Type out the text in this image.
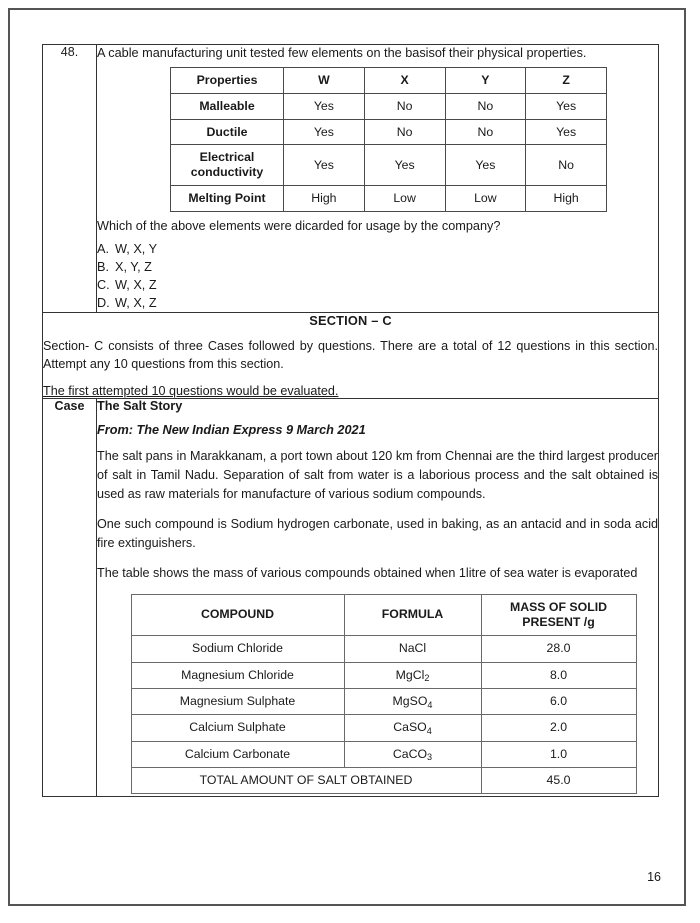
48.	A cable manufacturing unit tested few elements on the basisof their physical properties.

Properties	W	X	Y	Z
Malleable	Yes	No	No	Yes
Ductile	Yes	No	No	Yes
Electrical conductivity	Yes	Yes	Yes	No
Melting Point	High	Low	Low	High

Which of the above elements were dicarded for usage by the company?

A. W, X, Y
B. X, Y, Z
C. W, X, Z
D. W, X, Z

SECTION – C

Section- C consists of three Cases followed by questions. There are a total of 12 questions in this section. Attempt any 10 questions from this section.

The first attempted 10 questions would be evaluated.

Case	The Salt Story

From: The New Indian Express 9 March 2021

The salt pans in Marakkanam, a port town about 120 km from Chennai are the third largest producer of salt in Tamil Nadu. Separation of salt from water is a laborious process and the salt obtained is used as raw materials for manufacture of various sodium compounds.

One such compound is Sodium hydrogen carbonate, used in baking, as an antacid and in soda acid fire extinguishers.

The table shows the mass of various compounds obtained when 1litre of sea water is evaporated

COMPOUND	FORMULA	MASS OF SOLID
PRESENT /g
Sodium Chloride	NaCl	28.0
Magnesium Chloride	MgCl$_2$	8.0
Magnesium Sulphate	MgSO$_4$	6.0
Calcium Sulphate	CaSO$_4$	2.0
Calcium Carbonate	CaCO$_3$	1.0
TOTAL AMOUNT OF SALT OBTAINED	45.0
16
